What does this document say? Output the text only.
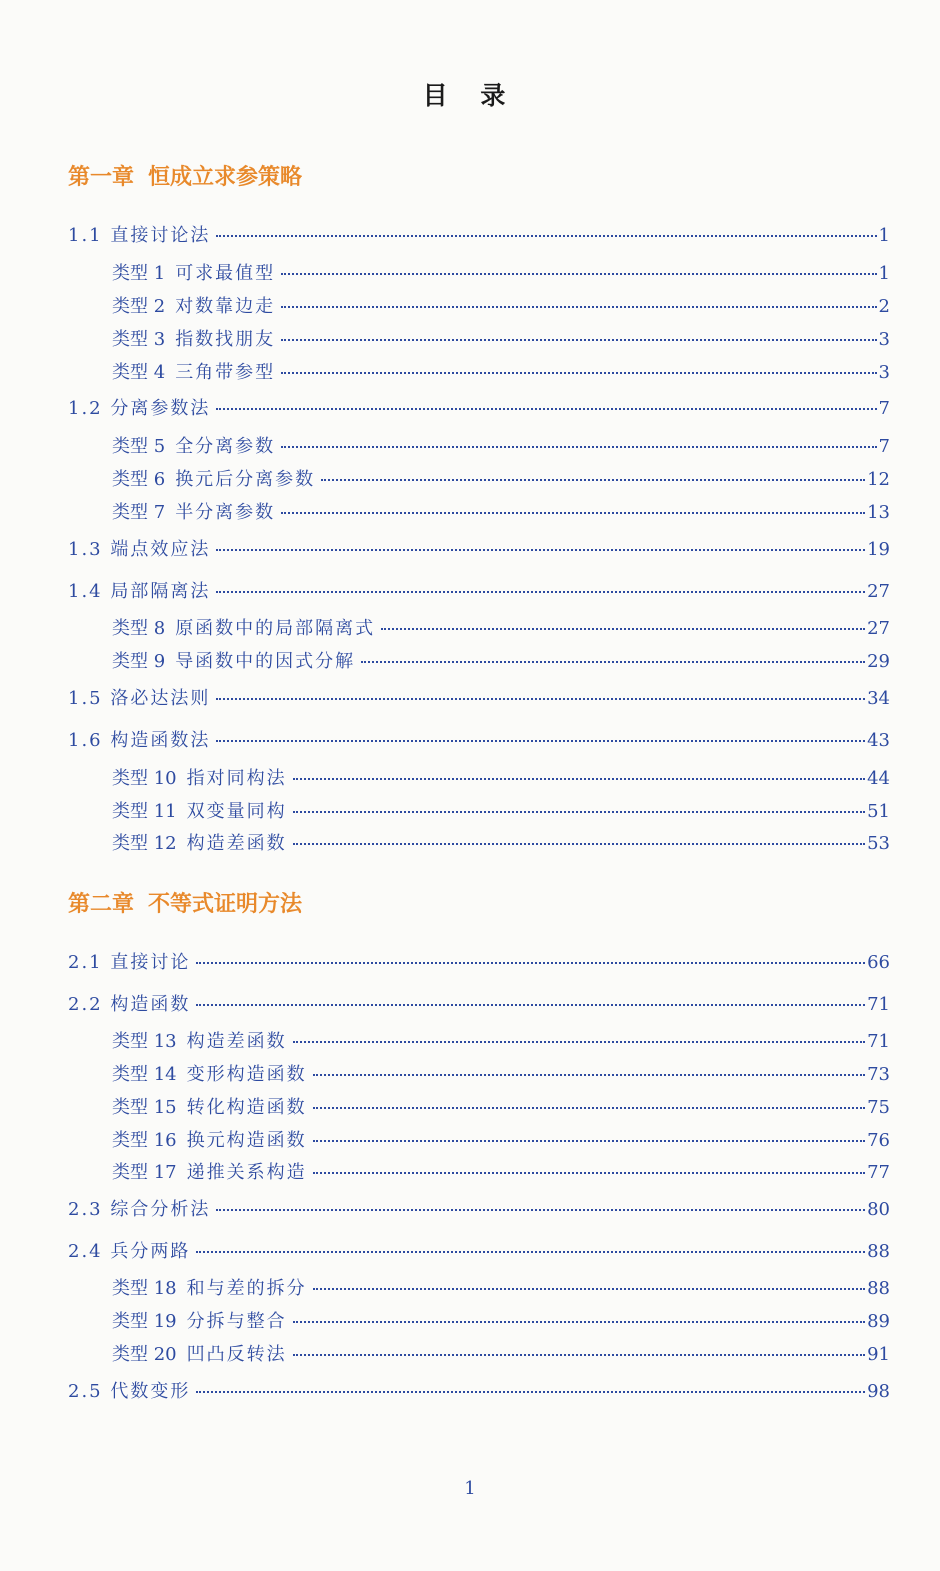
目 录
第一章 恒成立求参策略
1.1 直接讨论法	1
类型 1 可求最值型	1
类型 2 对数靠边走	2
类型 3 指数找朋友	3
类型 4 三角带参型	3
1.2 分离参数法	7
类型 5 全分离参数	7
类型 6 换元后分离参数	12
类型 7 半分离参数	13
1.3 端点效应法	19
1.4 局部隔离法	27
类型 8 原函数中的局部隔离式	27
类型 9 导函数中的因式分解	29
1.5 洛必达法则	34
1.6 构造函数法	43
类型 10 指对同构法	44
类型 11 双变量同构	51
类型 12 构造差函数	53
第二章 不等式证明方法
2.1 直接讨论	66
2.2 构造函数	71
类型 13 构造差函数	71
类型 14 变形构造函数	73
类型 15 转化构造函数	75
类型 16 换元构造函数	76
类型 17 递推关系构造	77
2.3 综合分析法	80
2.4 兵分两路	88
类型 18 和与差的拆分	88
类型 19 分拆与整合	89
类型 20 凹凸反转法	91
2.5 代数变形	98
1
